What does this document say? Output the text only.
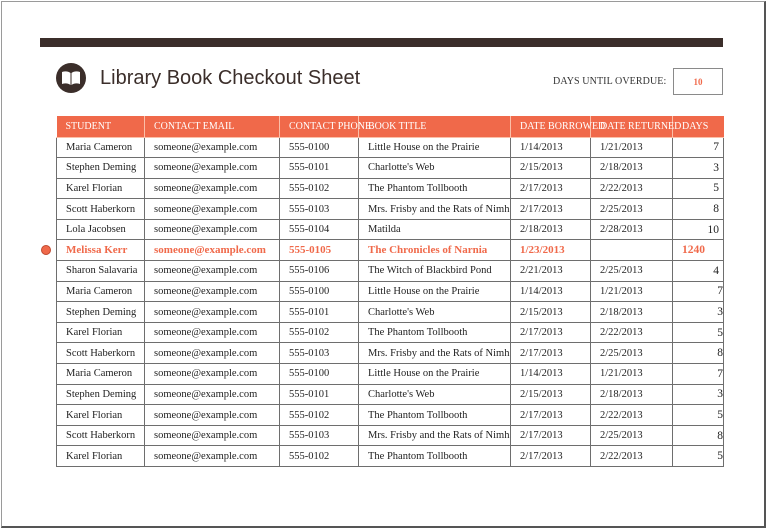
Library Book Checkout Sheet	DAYS UNTIL OVERDUE:	10
STUDENT	CONTACT EMAIL	CONTACT PHONE	BOOK TITLE	DATE BORROWED	DATE RETURNED	DAYS
Maria Cameron	someone@example.com	555-0100	Little House on the Prairie	1/14/2013	1/21/2013	7
Stephen Deming	someone@example.com	555-0101	Charlotte's Web	2/15/2013	2/18/2013	3
Karel Florian	someone@example.com	555-0102	The Phantom Tollbooth	2/17/2013	2/22/2013	5
Scott Haberkorn	someone@example.com	555-0103	Mrs. Frisby and the Rats of Nimh	2/17/2013	2/25/2013	8
Lola Jacobsen	someone@example.com	555-0104	Matilda	2/18/2013	2/28/2013	10
Melissa Kerr	someone@example.com	555-0105	The Chronicles of Narnia	1/23/2013		1240
Sharon Salavaria	someone@example.com	555-0106	The Witch of Blackbird Pond	2/21/2013	2/25/2013	4
Maria Cameron	someone@example.com	555-0100	Little House on the Prairie	1/14/2013	1/21/2013	7
Stephen Deming	someone@example.com	555-0101	Charlotte's Web	2/15/2013	2/18/2013	3
Karel Florian	someone@example.com	555-0102	The Phantom Tollbooth	2/17/2013	2/22/2013	5
Scott Haberkorn	someone@example.com	555-0103	Mrs. Frisby and the Rats of Nimh	2/17/2013	2/25/2013	8
Maria Cameron	someone@example.com	555-0100	Little House on the Prairie	1/14/2013	1/21/2013	7
Stephen Deming	someone@example.com	555-0101	Charlotte's Web	2/15/2013	2/18/2013	3
Karel Florian	someone@example.com	555-0102	The Phantom Tollbooth	2/17/2013	2/22/2013	5
Scott Haberkorn	someone@example.com	555-0103	Mrs. Frisby and the Rats of Nimh	2/17/2013	2/25/2013	8
Karel Florian	someone@example.com	555-0102	The Phantom Tollbooth	2/17/2013	2/22/2013	5
